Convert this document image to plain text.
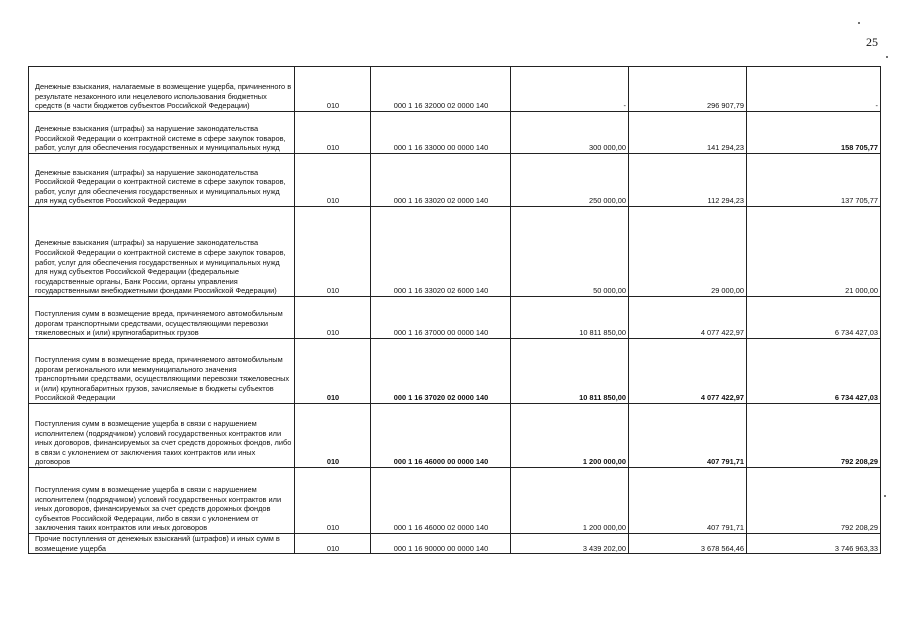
25
Денежные взыскания, налагаемые в возмещение ущерба, причиненного в результате незаконного или нецелевого использования бюджетных средств (в части бюджетов субъектов Российской Федерации)	010	000 1 16 32000 02 0000 140	-	296 907,79	-

Денежные взыскания (штрафы) за нарушение законодательства Российской Федерации о контрактной системе в сфере закупок товаров, работ, услуг для обеспечения государственных и муниципальных нужд	010	000 1 16 33000 00 0000 140	300 000,00	141 294,23	158 705,77

Денежные взыскания (штрафы) за нарушение законодательства Российской Федерации о контрактной системе в сфере закупок товаров, работ, услуг для обеспечения государственных и муниципальных нужд для нужд субъектов Российской Федерации	010	000 1 16 33020 02 0000 140	250 000,00	112 294,23	137 705,77

Денежные взыскания (штрафы) за нарушение законодательства Российской Федерации о контрактной системе в сфере закупок товаров, работ, услуг для обеспечения государственных и муниципальных нужд для нужд субъектов Российской Федерации (федеральные государственные органы, Банк России, органы управления государственными внебюджетными фондами Российской Федерации)	010	000 1 16 33020 02 6000 140	50 000,00	29 000,00	21 000,00

Поступления сумм в возмещение вреда, причиняемого автомобильным дорогам транспортными средствами, осуществляющими перевозки тяжеловесных и (или) крупногабаритных грузов	010	000 1 16 37000 00 0000 140	10 811 850,00	4 077 422,97	6 734 427,03

Поступления сумм в возмещение вреда, причиняемого автомобильным дорогам регионального или межмуниципального значения транспортными средствами, осуществляющими перевозки тяжеловесных и (или) крупногабаритных грузов, зачисляемые в бюджеты субъектов Российской Федерации	010	000 1 16 37020 02 0000 140	10 811 850,00	4 077 422,97	6 734 427,03

Поступления сумм в возмещение ущерба в связи с нарушением исполнителем (подрядчиком) условий государственных контрактов или иных договоров, финансируемых за счет средств дорожных фондов, либо в связи с уклонением от заключения таких контрактов или иных договоров	010	000 1 16 46000 00 0000 140	1 200 000,00	407 791,71	792 208,29

Поступления сумм в возмещение ущерба в связи с нарушением исполнителем (подрядчиком) условий государственных контрактов или иных договоров, финансируемых за счет средств дорожных фондов субъектов Российской Федерации, либо в связи с уклонением от заключения таких контрактов или иных договоров	010	000 1 16 46000 02 0000 140	1 200 000,00	407 791,71	792 208,29

Прочие поступления от денежных взысканий (штрафов) и иных сумм в возмещение ущерба	010	000 1 16 90000 00 0000 140	3 439 202,00	3 678 564,46	3 746 963,33
